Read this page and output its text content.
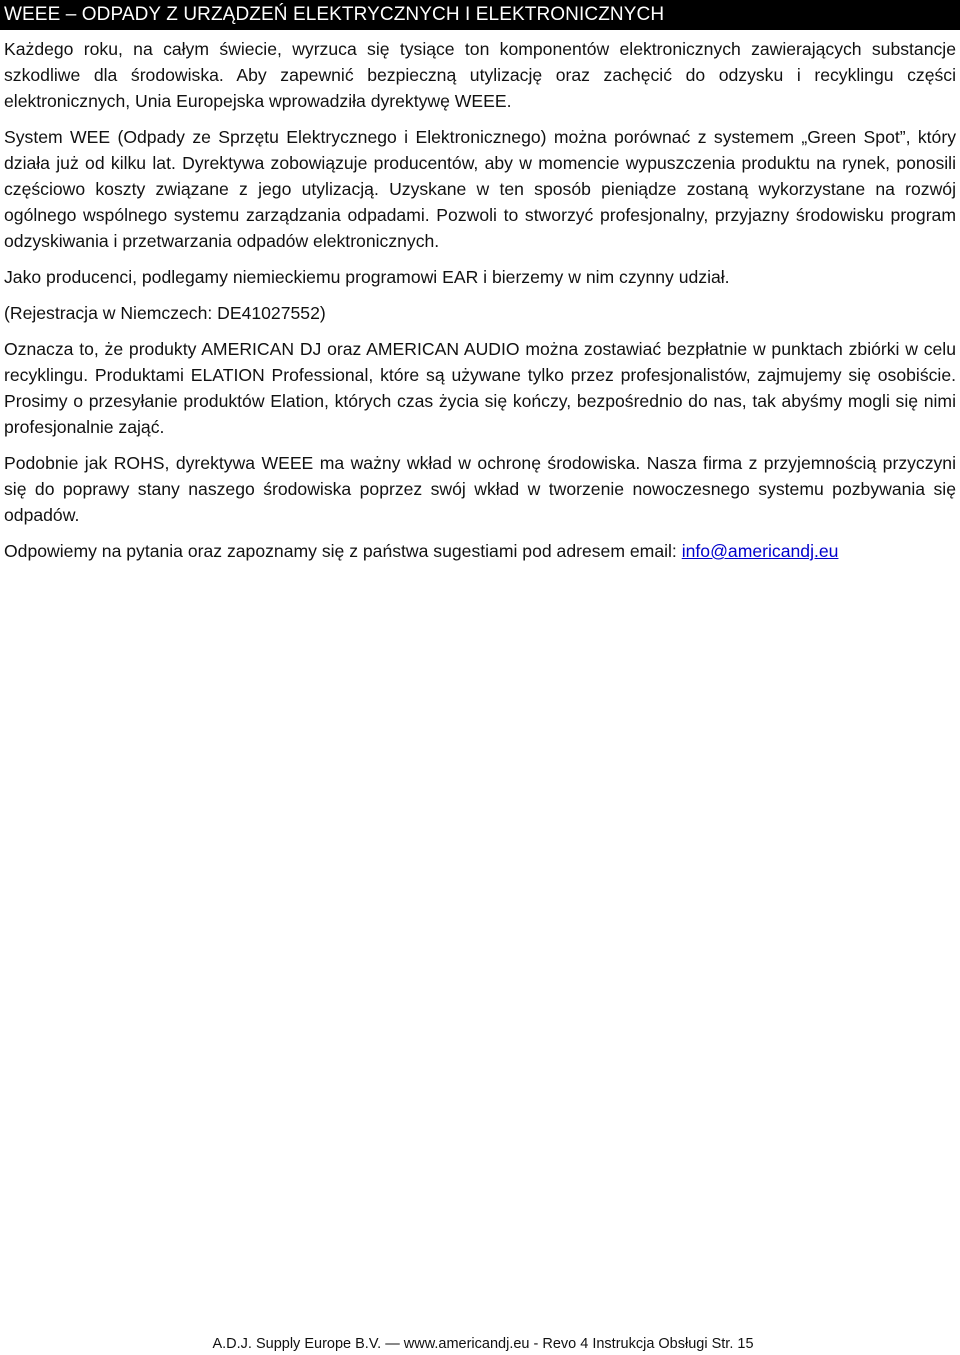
WEEE – ODPADY Z URZĄDZEŃ ELEKTRYCZNYCH I ELEKTRONICZNYCH

Każdego roku, na całym świecie, wyrzuca się tysiące ton komponentów elektronicznych zawierających substancje szkodliwe dla środowiska. Aby zapewnić bezpieczną utylizację oraz zachęcić do odzysku i recyklingu części elektronicznych, Unia Europejska wprowadziła dyrektywę WEEE.

System WEE (Odpady ze Sprzętu Elektrycznego i Elektronicznego) można porównać z systemem „Green Spot”, który działa już od kilku lat. Dyrektywa zobowiązuje producentów, aby w momencie wypuszczenia produktu na rynek, ponosili częściowo koszty związane z jego utylizacją. Uzyskane w ten sposób pieniądze zostaną wykorzystane na rozwój ogólnego wspólnego systemu zarządzania odpadami. Pozwoli to stworzyć profesjonalny, przyjazny środowisku program odzyskiwania i przetwarzania odpadów elektronicznych.

Jako producenci, podlegamy niemieckiemu programowi EAR i bierzemy w nim czynny udział.

(Rejestracja w Niemczech: DE41027552)

Oznacza to, że produkty AMERICAN DJ oraz AMERICAN AUDIO można zostawiać bezpłatnie w punktach zbiórki w celu recyklingu. Produktami ELATION Professional, które są używane tylko przez profesjonalistów, zajmujemy się osobiście. Prosimy o przesyłanie produktów Elation, których czas życia się kończy, bezpośrednio do nas, tak abyśmy mogli się nimi profesjonalnie zająć.

Podobnie jak ROHS, dyrektywa WEEE ma ważny wkład w ochronę środowiska. Nasza firma z przyjemnością przyczyni się do poprawy stany naszego środowiska poprzez swój wkład w tworzenie nowoczesnego systemu pozbywania się odpadów.

Odpowiemy na pytania oraz zapoznamy się z państwa sugestiami pod adresem email: info@americandj.eu

A.D.J. Supply Europe B.V. — www.americandj.eu - Revo 4 Instrukcja Obsługi Str. 15
